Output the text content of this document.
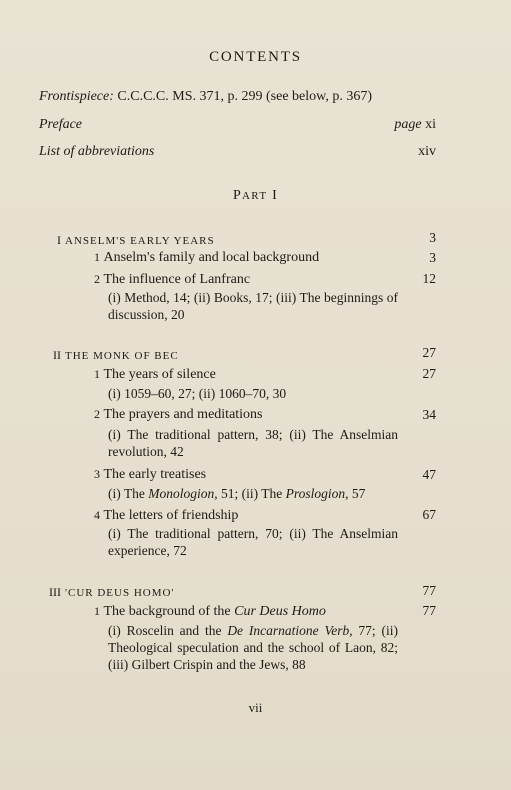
CONTENTS
Frontispiece: C.C.C.C. MS. 371, p. 299 (see below, p. 367)
Preface	page xi
List of abbreviations	xiv
PART I
I ANSELM'S EARLY YEARS	3
1 Anselm's family and local background	3
2 The influence of Lanfranc	12
(i) Method, 14; (ii) Books, 17; (iii) The beginnings of discussion, 20
II THE MONK OF BEC	27
1 The years of silence	27
(i) 1059–60, 27; (ii) 1060–70, 30
2 The prayers and meditations	34
(i) The traditional pattern, 38; (ii) The Anselmian revolution, 42
3 The early treatises	47
(i) The Monologion, 51; (ii) The Proslogion, 57
4 The letters of friendship	67
(i) The traditional pattern, 70; (ii) The Anselmian experience, 72
III 'CUR DEUS HOMO'	77
1 The background of the Cur Deus Homo	77
(i) Roscelin and the De Incarnatione Verb, 77; (ii) Theological speculation and the school of Laon, 82; (iii) Gilbert Crispin and the Jews, 88
vii
